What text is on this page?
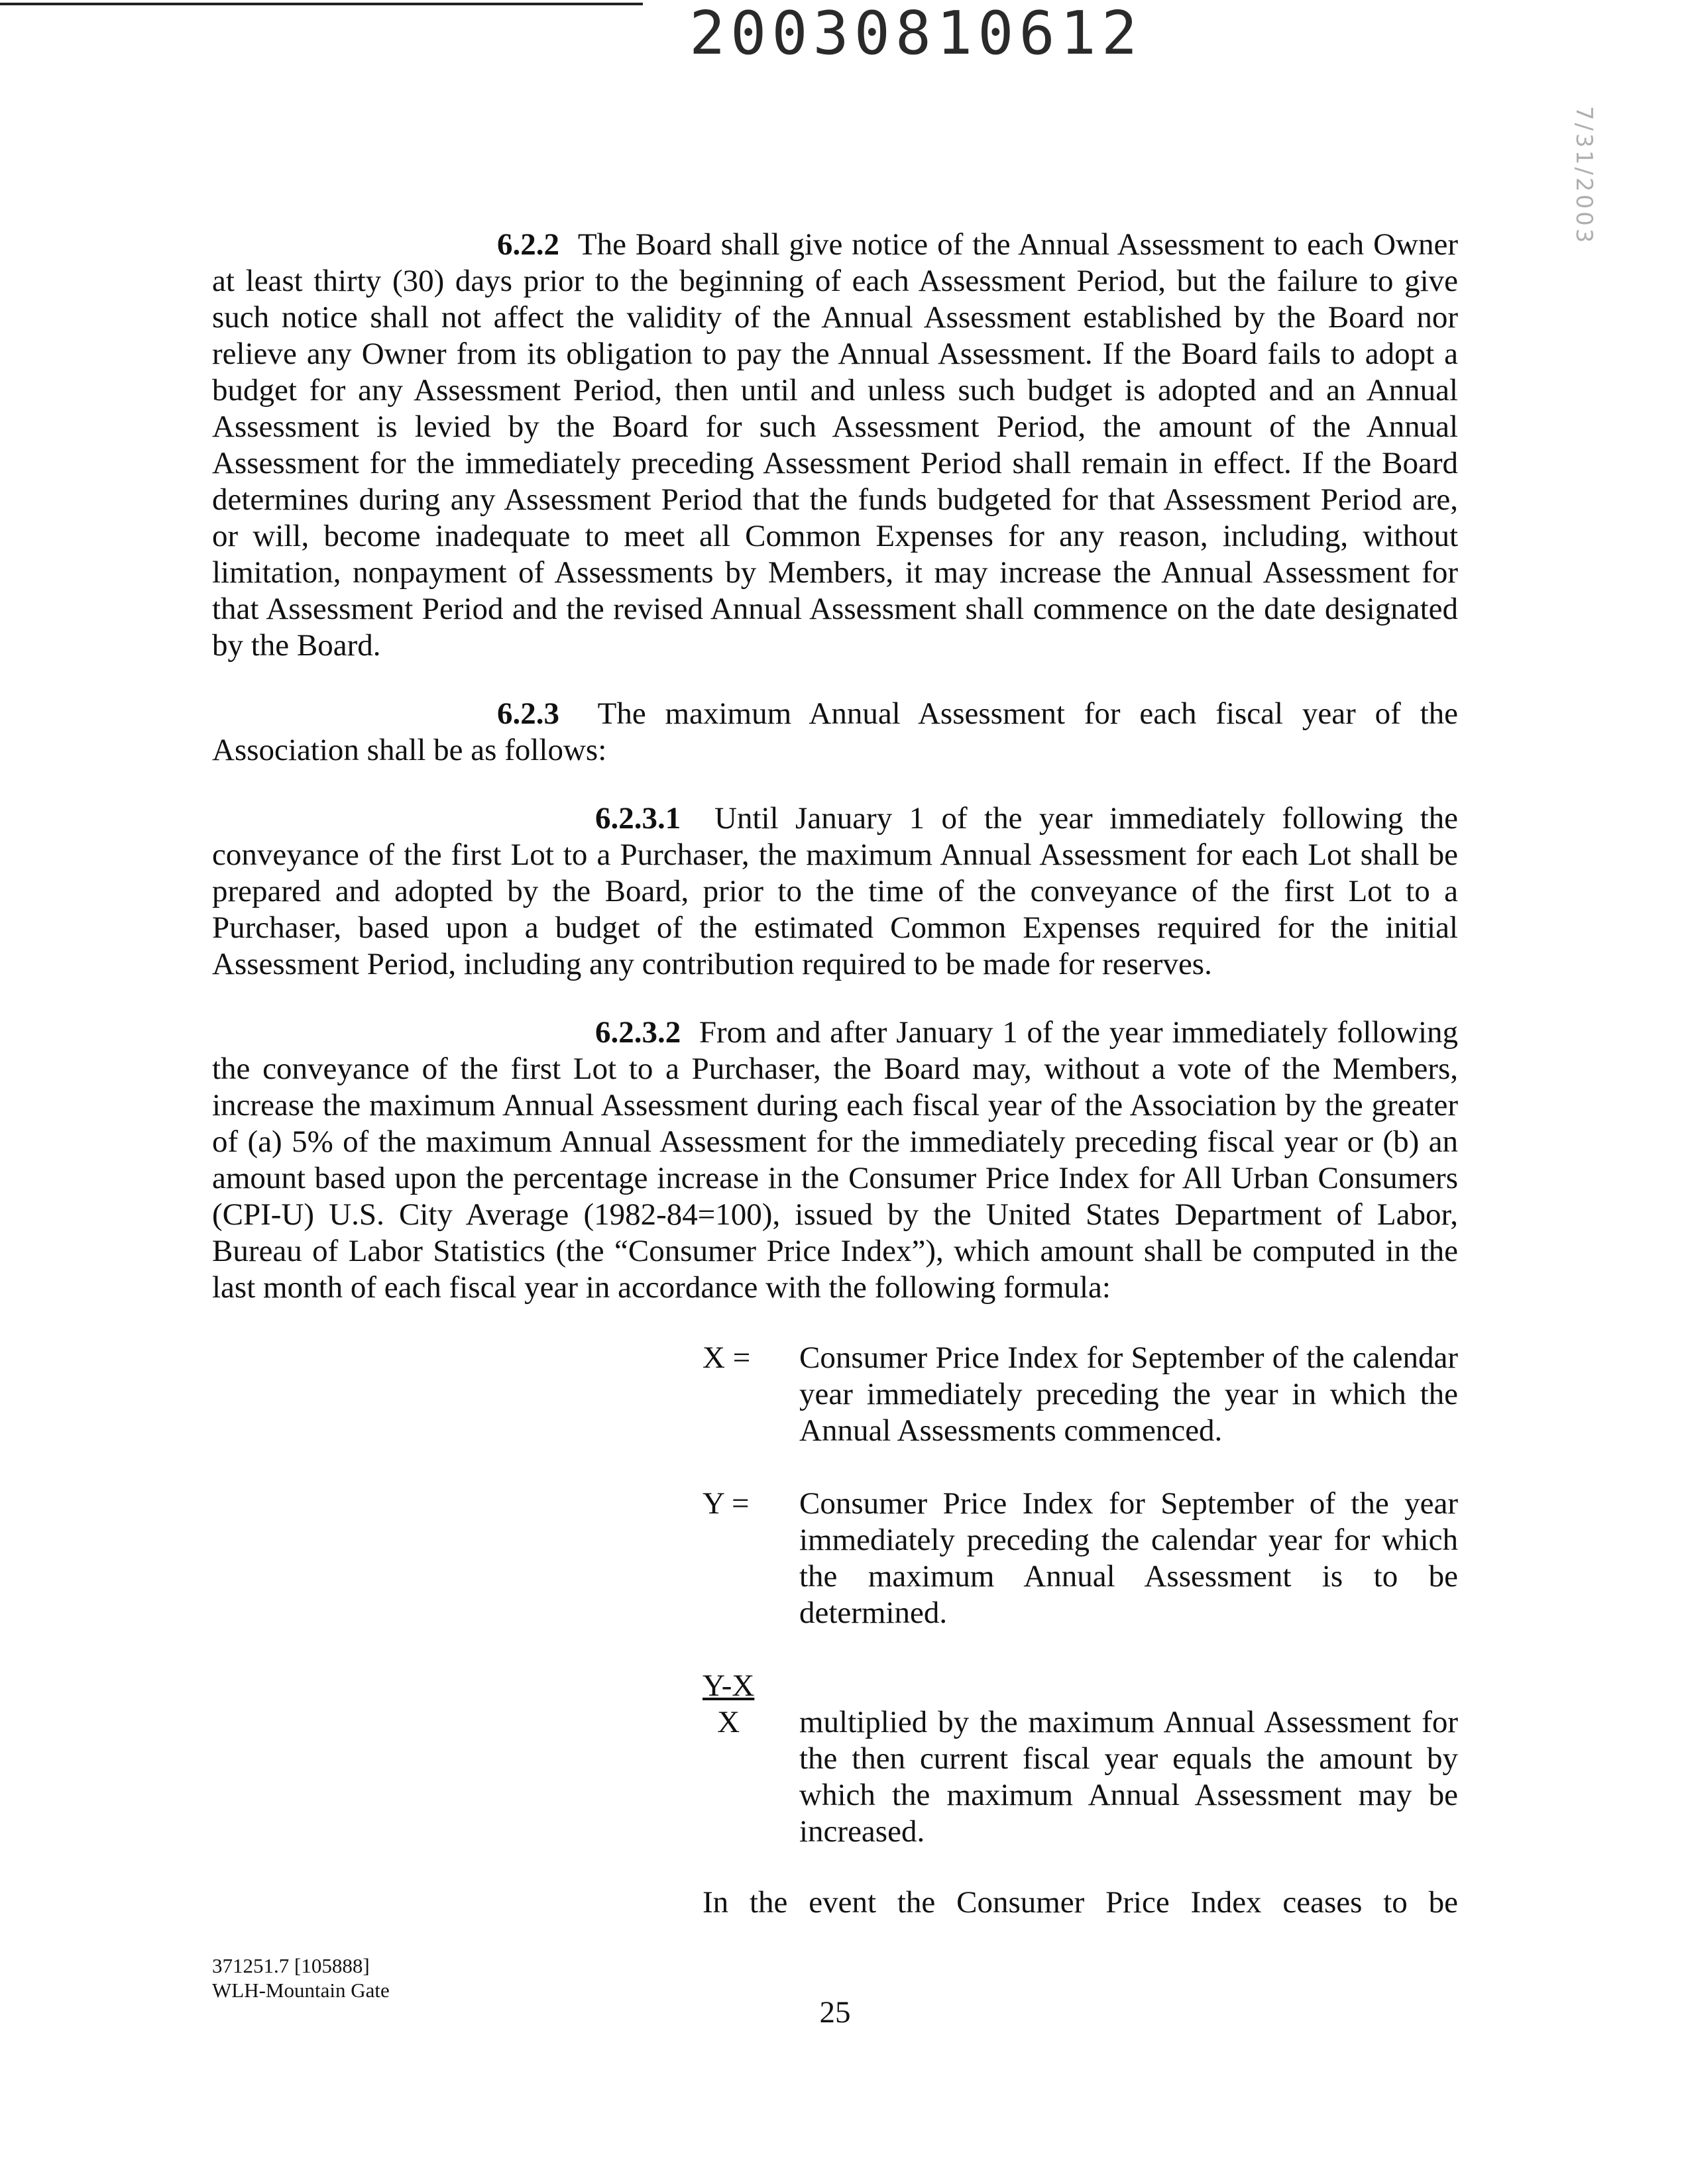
20030810612
7/31/2003

6.2.2 The Board shall give notice of the Annual Assessment to each Owner at least thirty (30) days prior to the beginning of each Assessment Period, but the failure to give such notice shall not affect the validity of the Annual Assessment established by the Board nor relieve any Owner from its obligation to pay the Annual Assessment. If the Board fails to adopt a budget for any Assessment Period, then until and unless such budget is adopted and an Annual Assessment is levied by the Board for such Assessment Period, the amount of the Annual Assessment for the immediately preceding Assessment Period shall remain in effect. If the Board determines during any Assessment Period that the funds budgeted for that Assessment Period are, or will, become inadequate to meet all Common Expenses for any reason, including, without limitation, nonpayment of Assessments by Members, it may increase the Annual Assessment for that Assessment Period and the revised Annual Assessment shall commence on the date designated by the Board.

6.2.3 The maximum Annual Assessment for each fiscal year of the Association shall be as follows:

6.2.3.1 Until January 1 of the year immediately following the conveyance of the first Lot to a Purchaser, the maximum Annual Assessment for each Lot shall be prepared and adopted by the Board, prior to the time of the conveyance of the first Lot to a Purchaser, based upon a budget of the estimated Common Expenses required for the initial Assessment Period, including any contribution required to be made for reserves.

6.2.3.2 From and after January 1 of the year immediately following the conveyance of the first Lot to a Purchaser, the Board may, without a vote of the Members, increase the maximum Annual Assessment during each fiscal year of the Association by the greater of (a) 5% of the maximum Annual Assessment for the immediately preceding fiscal year or (b) an amount based upon the percentage increase in the Consumer Price Index for All Urban Consumers (CPI-U) U.S. City Average (1982-84=100), issued by the United States Department of Labor, Bureau of Labor Statistics (the “Consumer Price Index”), which amount shall be computed in the last month of each fiscal year in accordance with the following formula:

X =	Consumer Price Index for September of the calendar year immediately preceding the year in which the Annual Assessments commenced.
Y =	Consumer Price Index for September of the year immediately preceding the calendar year for which the maximum Annual Assessment is to be determined.
$\frac{Y-X}{X}$ multiplied by the maximum Annual Assessment for the then current fiscal year equals the amount by which the maximum Annual Assessment may be increased.
In the event the Consumer Price Index ceases to be
371251.7 [105888]
WLH-Mountain Gate
25
